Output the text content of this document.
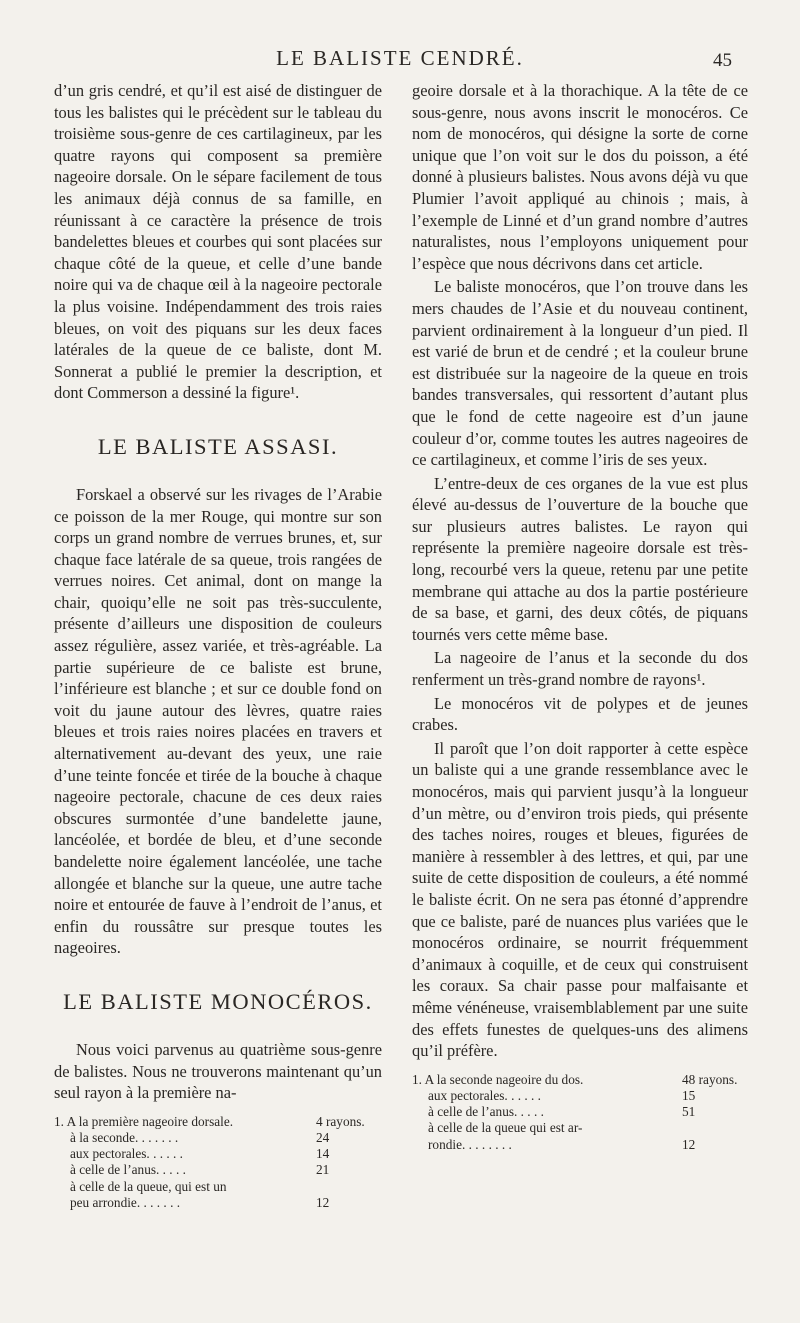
LE BALISTE CENDRÉ.	45

d’un gris cendré, et qu’il est aisé de distinguer de tous les balistes qui le précèdent sur le tableau du troisième sous-genre de ces cartilagineux, par les quatre rayons qui composent sa première nageoire dorsale. On le sépare facilement de tous les animaux déjà connus de sa famille, en réunissant à ce caractère la présence de trois bandelettes bleues et courbes qui sont placées sur chaque côté de la queue, et celle d’une bande noire qui va de chaque œil à la nageoire pectorale la plus voisine. Indépendamment des trois raies bleues, on voit des piquans sur les deux faces latérales de la queue de ce baliste, dont M. Sonnerat a publié le premier la description, et dont Commerson a dessiné la figure¹.

LE BALISTE ASSASI.

Forskael a observé sur les rivages de l’Arabie ce poisson de la mer Rouge, qui montre sur son corps un grand nombre de verrues brunes, et, sur chaque face latérale de sa queue, trois rangées de verrues noires. Cet animal, dont on mange la chair, quoiqu’elle ne soit pas très-succulente, présente d’ailleurs une disposition de couleurs assez régulière, assez variée, et très-agréable. La partie supérieure de ce baliste est brune, l’inférieure est blanche ; et sur ce double fond on voit du jaune autour des lèvres, quatre raies bleues et trois raies noires placées en travers et alternativement au-devant des yeux, une raie d’une teinte foncée et tirée de la bouche à chaque nageoire pectorale, chacune de ces deux raies obscures surmontée d’une bandelette jaune, lancéolée, et bordée de bleu, et d’une seconde bandelette noire également lancéolée, une tache allongée et blanche sur la queue, une autre tache noire et entourée de fauve à l’endroit de l’anus, et enfin du roussâtre sur presque toutes les nageoires.

LE BALISTE MONOCÉROS.

Nous voici parvenus au quatrième sous-genre de balistes. Nous ne trouverons maintenant qu’un seul rayon à la première na-

1. A la première nageoire dorsale.	4 rayons.
à la seconde. . . . . . .	24
aux pectorales. . . . . .	14
à celle de l’anus. . . . .	21
à celle de la queue, qui est un
peu arrondie. . . . . . .	12

geoire dorsale et à la thorachique. A la tête de ce sous-genre, nous avons inscrit le monocéros. Ce nom de monocéros, qui désigne la sorte de corne unique que l’on voit sur le dos du poisson, a été donné à plusieurs balistes. Nous avons déjà vu que Plumier l’avoit appliqué au chinois ; mais, à l’exemple de Linné et d’un grand nombre d’autres naturalistes, nous l’employons uniquement pour l’espèce que nous décrivons dans cet article.

Le baliste monocéros, que l’on trouve dans les mers chaudes de l’Asie et du nouveau continent, parvient ordinairement à la longueur d’un pied. Il est varié de brun et de cendré ; et la couleur brune est distribuée sur la nageoire de la queue en trois bandes transversales, qui ressortent d’autant plus que le fond de cette nageoire est d’un jaune couleur d’or, comme toutes les autres nageoires de ce cartilagineux, et comme l’iris de ses yeux.

L’entre-deux de ces organes de la vue est plus élevé au-dessus de l’ouverture de la bouche que sur plusieurs autres balistes. Le rayon qui représente la première nageoire dorsale est très-long, recourbé vers la queue, retenu par une petite membrane qui attache au dos la partie postérieure de sa base, et garni, des deux côtés, de piquans tournés vers cette même base.

La nageoire de l’anus et la seconde du dos renferment un très-grand nombre de rayons¹.

Le monocéros vit de polypes et de jeunes crabes.

Il paroît que l’on doit rapporter à cette espèce un baliste qui a une grande ressemblance avec le monocéros, mais qui parvient jusqu’à la longueur d’un mètre, ou d’environ trois pieds, qui présente des taches noires, rouges et bleues, figurées de manière à ressembler à des lettres, et qui, par une suite de cette disposition de couleurs, a été nommé le baliste écrit. On ne sera pas étonné d’apprendre que ce baliste, paré de nuances plus variées que le monocéros ordinaire, se nourrit fréquemment d’animaux à coquille, et de ceux qui construisent les coraux. Sa chair passe pour malfaisante et même vénéneuse, vraisemblablement par une suite des effets funestes de quelques-uns des alimens qu’il préfère.

1. A la seconde nageoire du dos.	48 rayons.
aux pectorales. . . . . .	15
à celle de l’anus. . . . .	51
à celle de la queue qui est ar-
rondie. . . . . . . .	12
